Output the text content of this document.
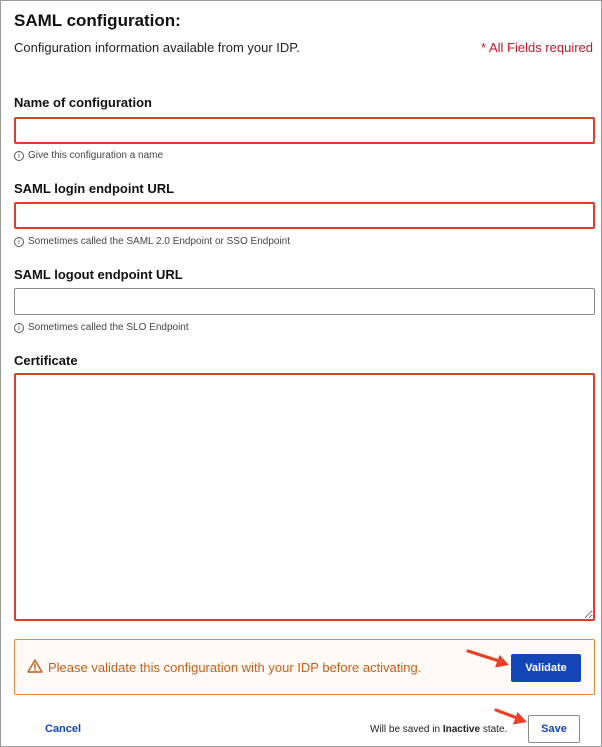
SAML configuration:
Configuration information available from your IDP.	* All Fields required
Name of configuration
i Give this configuration a name
SAML login endpoint URL
i Sometimes called the SAML 2.0 Endpoint or SSO Endpoint
SAML logout endpoint URL
i Sometimes called the SLO Endpoint
Certificate
Please validate this configuration with your IDP before activating.	Validate
Cancel	Will be saved in Inactive state.	Save
